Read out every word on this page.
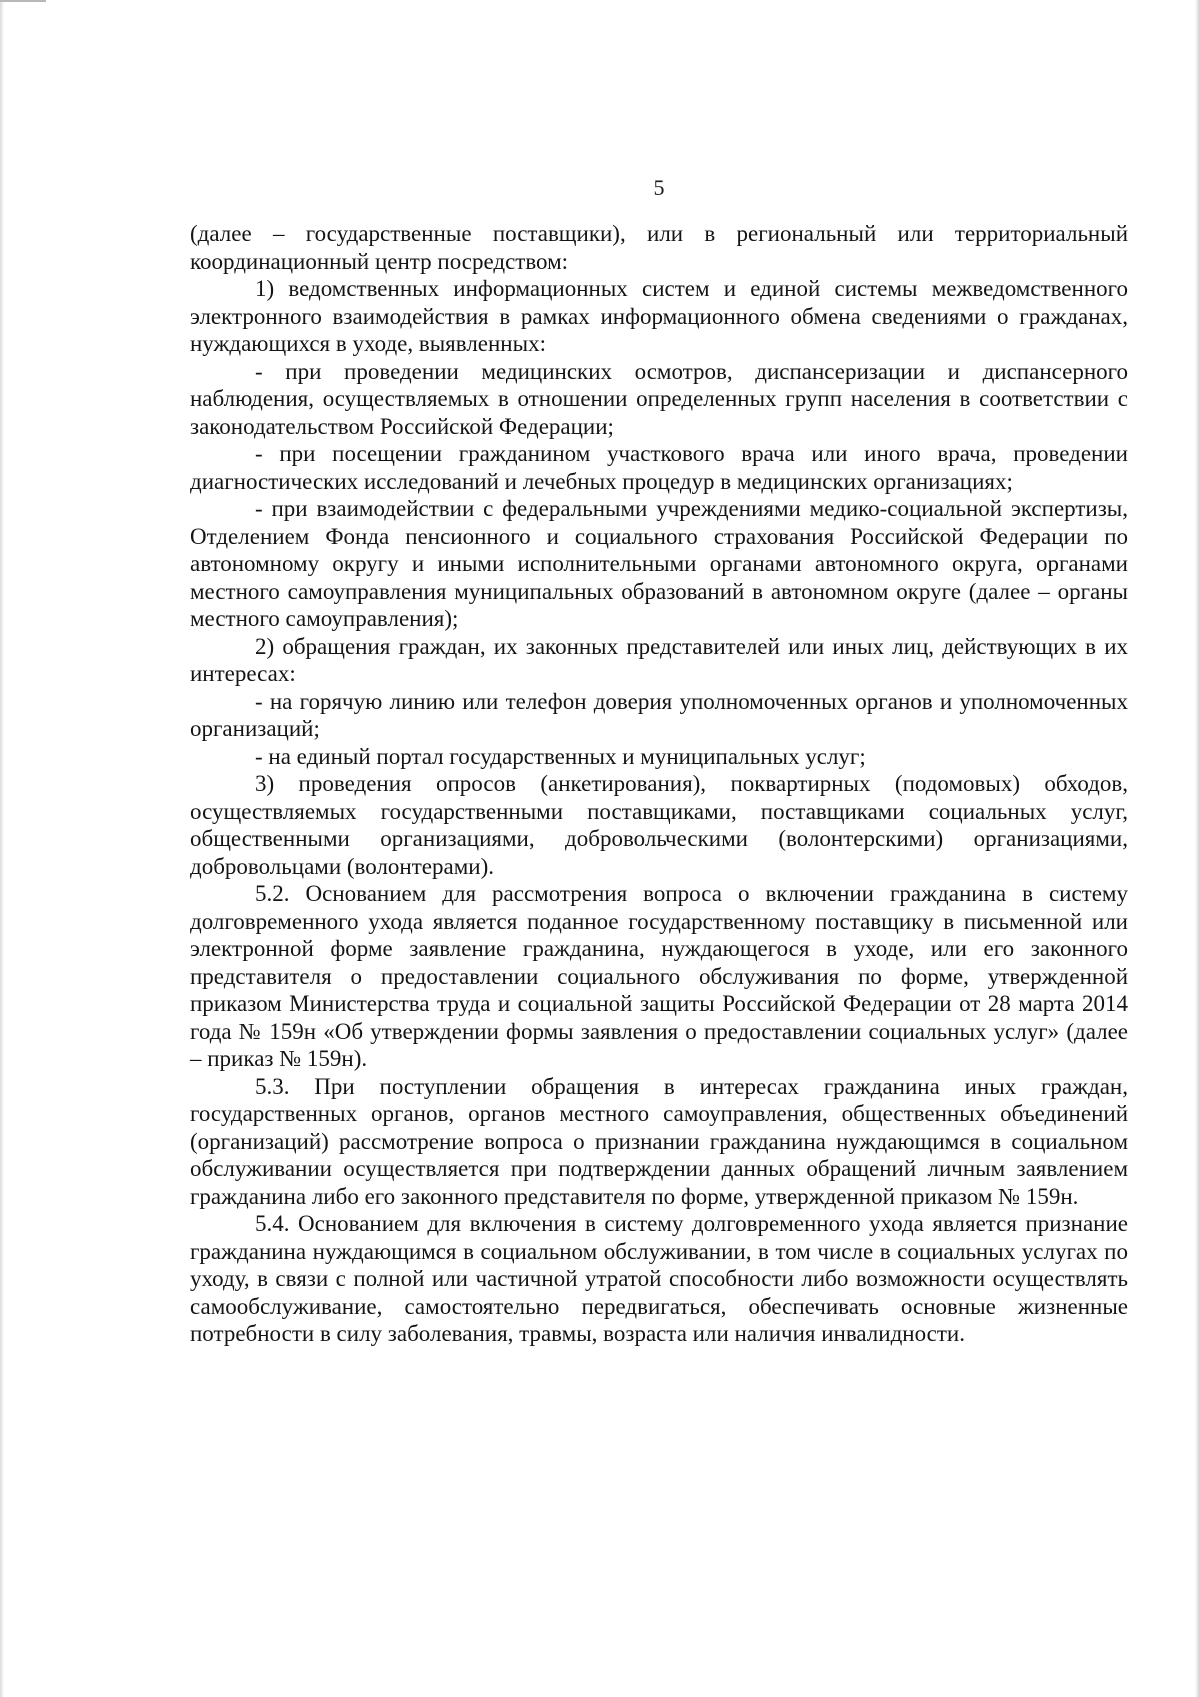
5

(далее – государственные поставщики), или в региональный или территориальный координационный центр посредством:

1) ведомственных информационных систем и единой системы межведомственного электронного взаимодействия в рамках информационного обмена сведениями о гражданах, нуждающихся в уходе, выявленных:

- при проведении медицинских осмотров, диспансеризации и диспансерного наблюдения, осуществляемых в отношении определенных групп населения в соответствии с законодательством Российской Федерации;

- при посещении гражданином участкового врача или иного врача, проведении диагностических исследований и лечебных процедур в медицинских организациях;

- при взаимодействии с федеральными учреждениями медико-социальной экспертизы, Отделением Фонда пенсионного и социального страхования Российской Федерации по автономному округу и иными исполнительными органами автономного округа, органами местного самоуправления муниципальных образований в автономном округе (далее – органы местного самоуправления);

2) обращения граждан, их законных представителей или иных лиц, действующих в их интересах:

- на горячую линию или телефон доверия уполномоченных органов и уполномоченных организаций;

- на единый портал государственных и муниципальных услуг;

3) проведения опросов (анкетирования), поквартирных (подомовых) обходов, осуществляемых государственными поставщиками, поставщиками социальных услуг, общественными организациями, добровольческими (волонтерскими) организациями, добровольцами (волонтерами).

5.2. Основанием для рассмотрения вопроса о включении гражданина в систему долговременного ухода является поданное государственному поставщику в письменной или электронной форме заявление гражданина, нуждающегося в уходе, или его законного представителя о предоставлении социального обслуживания по форме, утвержденной приказом Министерства труда и социальной защиты Российской Федерации от 28 марта 2014 года № 159н «Об утверждении формы заявления о предоставлении социальных услуг» (далее – приказ № 159н).

5.3. При поступлении обращения в интересах гражданина иных граждан, государственных органов, органов местного самоуправления, общественных объединений (организаций) рассмотрение вопроса о признании гражданина нуждающимся в социальном обслуживании осуществляется при подтверждении данных обращений личным заявлением гражданина либо его законного представителя по форме, утвержденной приказом № 159н.

5.4. Основанием для включения в систему долговременного ухода является признание гражданина нуждающимся в социальном обслуживании, в том числе в социальных услугах по уходу, в связи с полной или частичной утратой способности либо возможности осуществлять самообслуживание, самостоятельно передвигаться, обеспечивать основные жизненные потребности в силу заболевания, травмы, возраста или наличия инвалидности.
